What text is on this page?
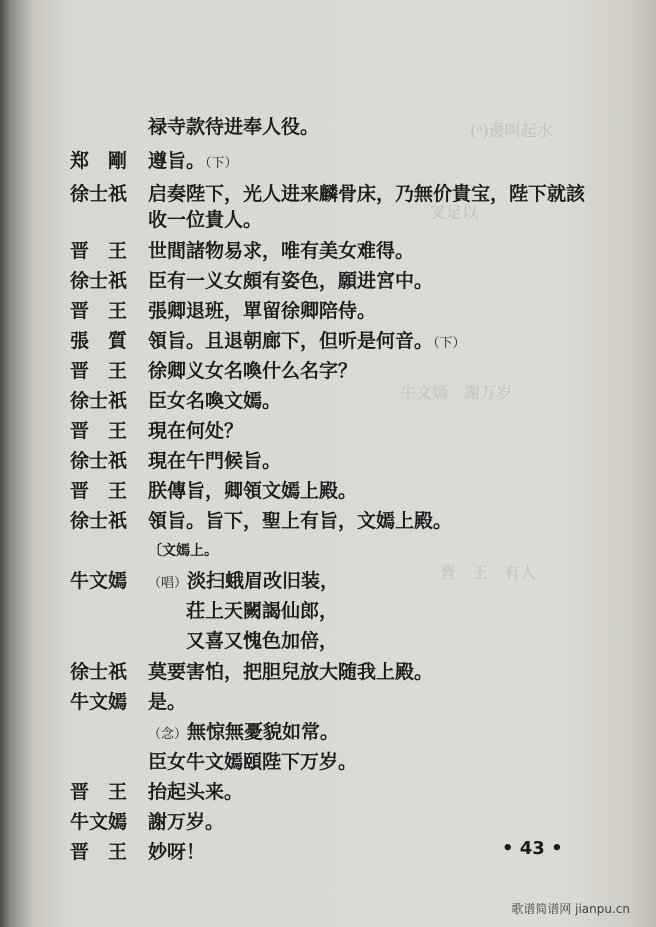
(ᵃ)邊叫起水
叉足以
牛文嫣　謝万岁
晋　王　有人
禄寺款待进奉人役。
郑　剛	遵旨。（下）
徐士祇	启奏陛下，光人进来麟骨床，乃無价貴宝，陛下就該
收一位貴人。
晋　王	世間諸物易求，唯有美女难得。
徐士祇	臣有一义女頗有姿色，願进宮中。
晋　王	張卿退班，單留徐卿陪侍。
張　質	領旨。且退朝廊下，但听是何音。（下）
晋　王	徐卿义女名喚什么名字？
徐士祇	臣女名喚文嫣。
晋　王	現在何处？
徐士祇	現在午門候旨。
晋　王	朕傳旨，卿領文嫣上殿。
徐士祇	領旨。旨下，聖上有旨，文嫣上殿。
〔文嫣上。
牛文嫣	（唱）淡扫蛾眉改旧装，
荘上天闕謁仙郎，
又喜又愧色加倍，
徐士祇	莫要害怕，把胆兒放大随我上殿。
牛文嫣	是。
（念）無惊無憂貌如常。
臣女牛文嫣頤陛下万岁。
晋　王	抬起头来。
牛文嫣	謝万岁。
晋　王	妙呀！	• 43 •
歌谱简谱网 jianpu.cn
